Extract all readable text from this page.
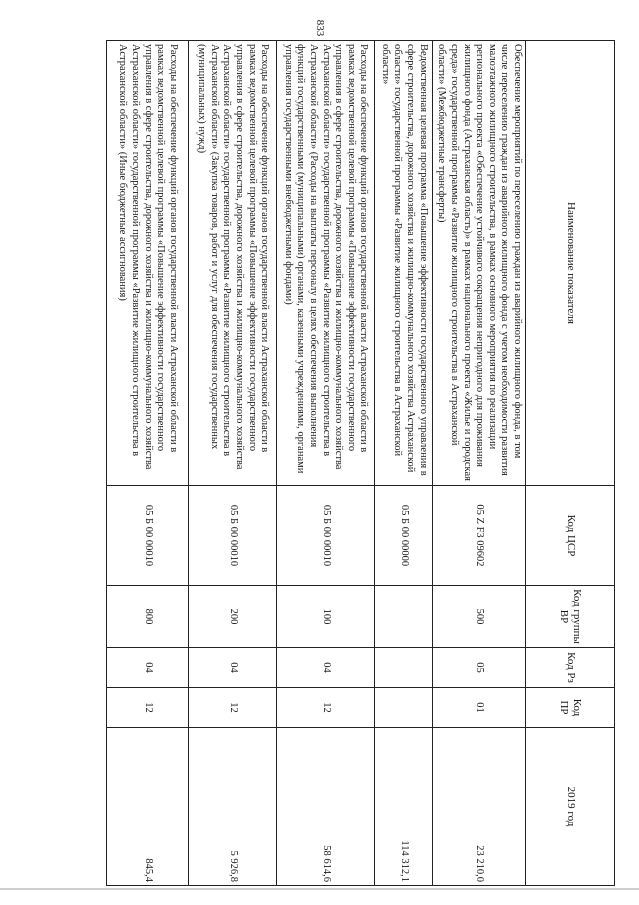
833
Наименование показателя	Код ЦСР	Код группы ВР	Код Рз	Код ПР	2019 год
Обеспечение мероприятий по переселению граждан из аварийного жилищного фонда, в том числе переселению граждан из аварийного жилищного фонда с учетом необходимости развития малоэтажного жилищного строительства, в рамках основного мероприятия по реализации регионального проекта «Обеспечение устойчивого сокращения непригодного для проживания жилищного фонда (Астраханская область)» в рамках национального проекта «Жилье и городская среда» государственной программы «Развитие жилищного строительства в Астраханской области» (Межбюджетные трансферты)	05 Z F3 09602	500	05	01	23 210,0
Ведомственная целевая программа «Повышение эффективности государственного управления в сфере строительства, дорожного хозяйства и жилищно-коммунального хозяйства Астраханской области» государственной программы «Развитие жилищного строительства в Астраханской области»	05 Б 00 00000				114 312,1
Расходы на обеспечение функций органов государственной власти Астраханской области в рамках ведомственной целевой программы «Повышение эффективности государственного управления в сфере строительства, дорожного хозяйства и жилищно-коммунального хозяйства Астраханской области» государственной программы «Развитие жилищного строительства в Астраханской области» (Расходы на выплаты персоналу в целях обеспечения выполнения функций государственными (муниципальными) органами, казенными учреждениями, органами управления государственными внебюджетными фондами)	05 Б 00 00010	100	04	12	58 614,6
Расходы на обеспечение функций органов государственной власти Астраханской области в рамках ведомственной целевой программы «Повышение эффективности государственного управления в сфере строительства, дорожного хозяйства и жилищно-коммунального хозяйства Астраханской области» государственной программы «Развитие жилищного строительства в Астраханской области» (Закупка товаров, работ и услуг для обеспечения государственных (муниципальных) нужд)	05 Б 00 00010	200	04	12	5 926,8
Расходы на обеспечение функций органов государственной власти Астраханской области в рамках ведомственной целевой программы «Повышение эффективности государственного управления в сфере строительства, дорожного хозяйства и жилищно-коммунального хозяйства Астраханской области» государственной программы «Развитие жилищного строительства в Астраханской области» (Иные бюджетные ассигнования)	05 Б 00 00010	800	04	12	845,4
